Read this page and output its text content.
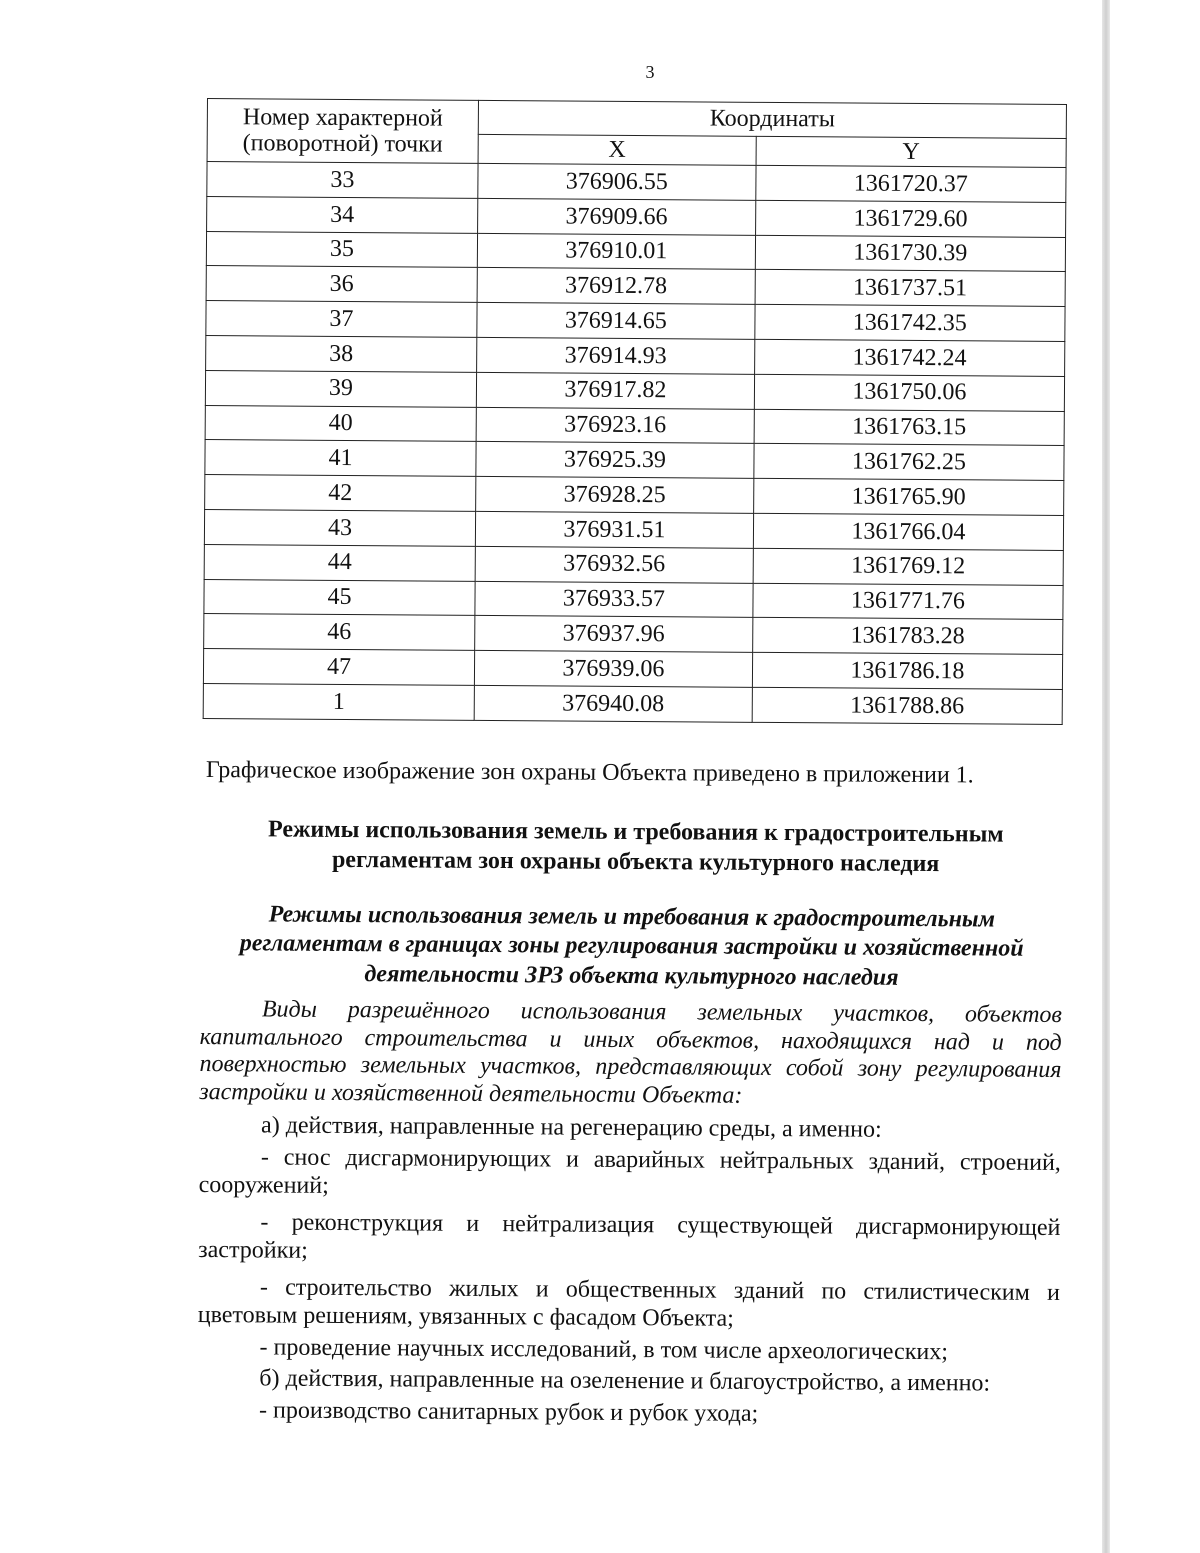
3
Номер характерной (поворотной) точки	Координаты	
	X	Y
33	376906.55	1361720.37
34	376909.66	1361729.60
35	376910.01	1361730.39
36	376912.78	1361737.51
37	376914.65	1361742.35
38	376914.93	1361742.24
39	376917.82	1361750.06
40	376923.16	1361763.15
41	376925.39	1361762.25
42	376928.25	1361765.90
43	376931.51	1361766.04
44	376932.56	1361769.12
45	376933.57	1361771.76
46	376937.96	1361783.28
47	376939.06	1361786.18
1	376940.08	1361788.86
Графическое изображение зон охраны Объекта приведено в приложении 1.
Режимы использования земель и требования к градостроительным регламентам зон охраны объекта культурного наследия
Режимы использования земель и требования к градостроительным регламентам в границах зоны регулирования застройки и хозяйственной деятельности ЗРЗ объекта культурного наследия

Виды разрешённого использования земельных участков, объектов капитального строительства и иных объектов, находящихся над и под поверхностью земельных участков, представляющих собой зону регулирования застройки и хозяйственной деятельности Объекта:

а) действия, направленные на регенерацию среды, а именно:

- снос дисгармонирующих и аварийных нейтральных зданий, строений, сооружений;

- реконструкция и нейтрализация существующей дисгармонирующей застройки;

- строительство жилых и общественных зданий по стилистическим и цветовым решениям, увязанных с фасадом Объекта;

- проведение научных исследований, в том числе археологических;

б) действия, направленные на озеленение и благоустройство, а именно:

- производство санитарных рубок и рубок ухода;
